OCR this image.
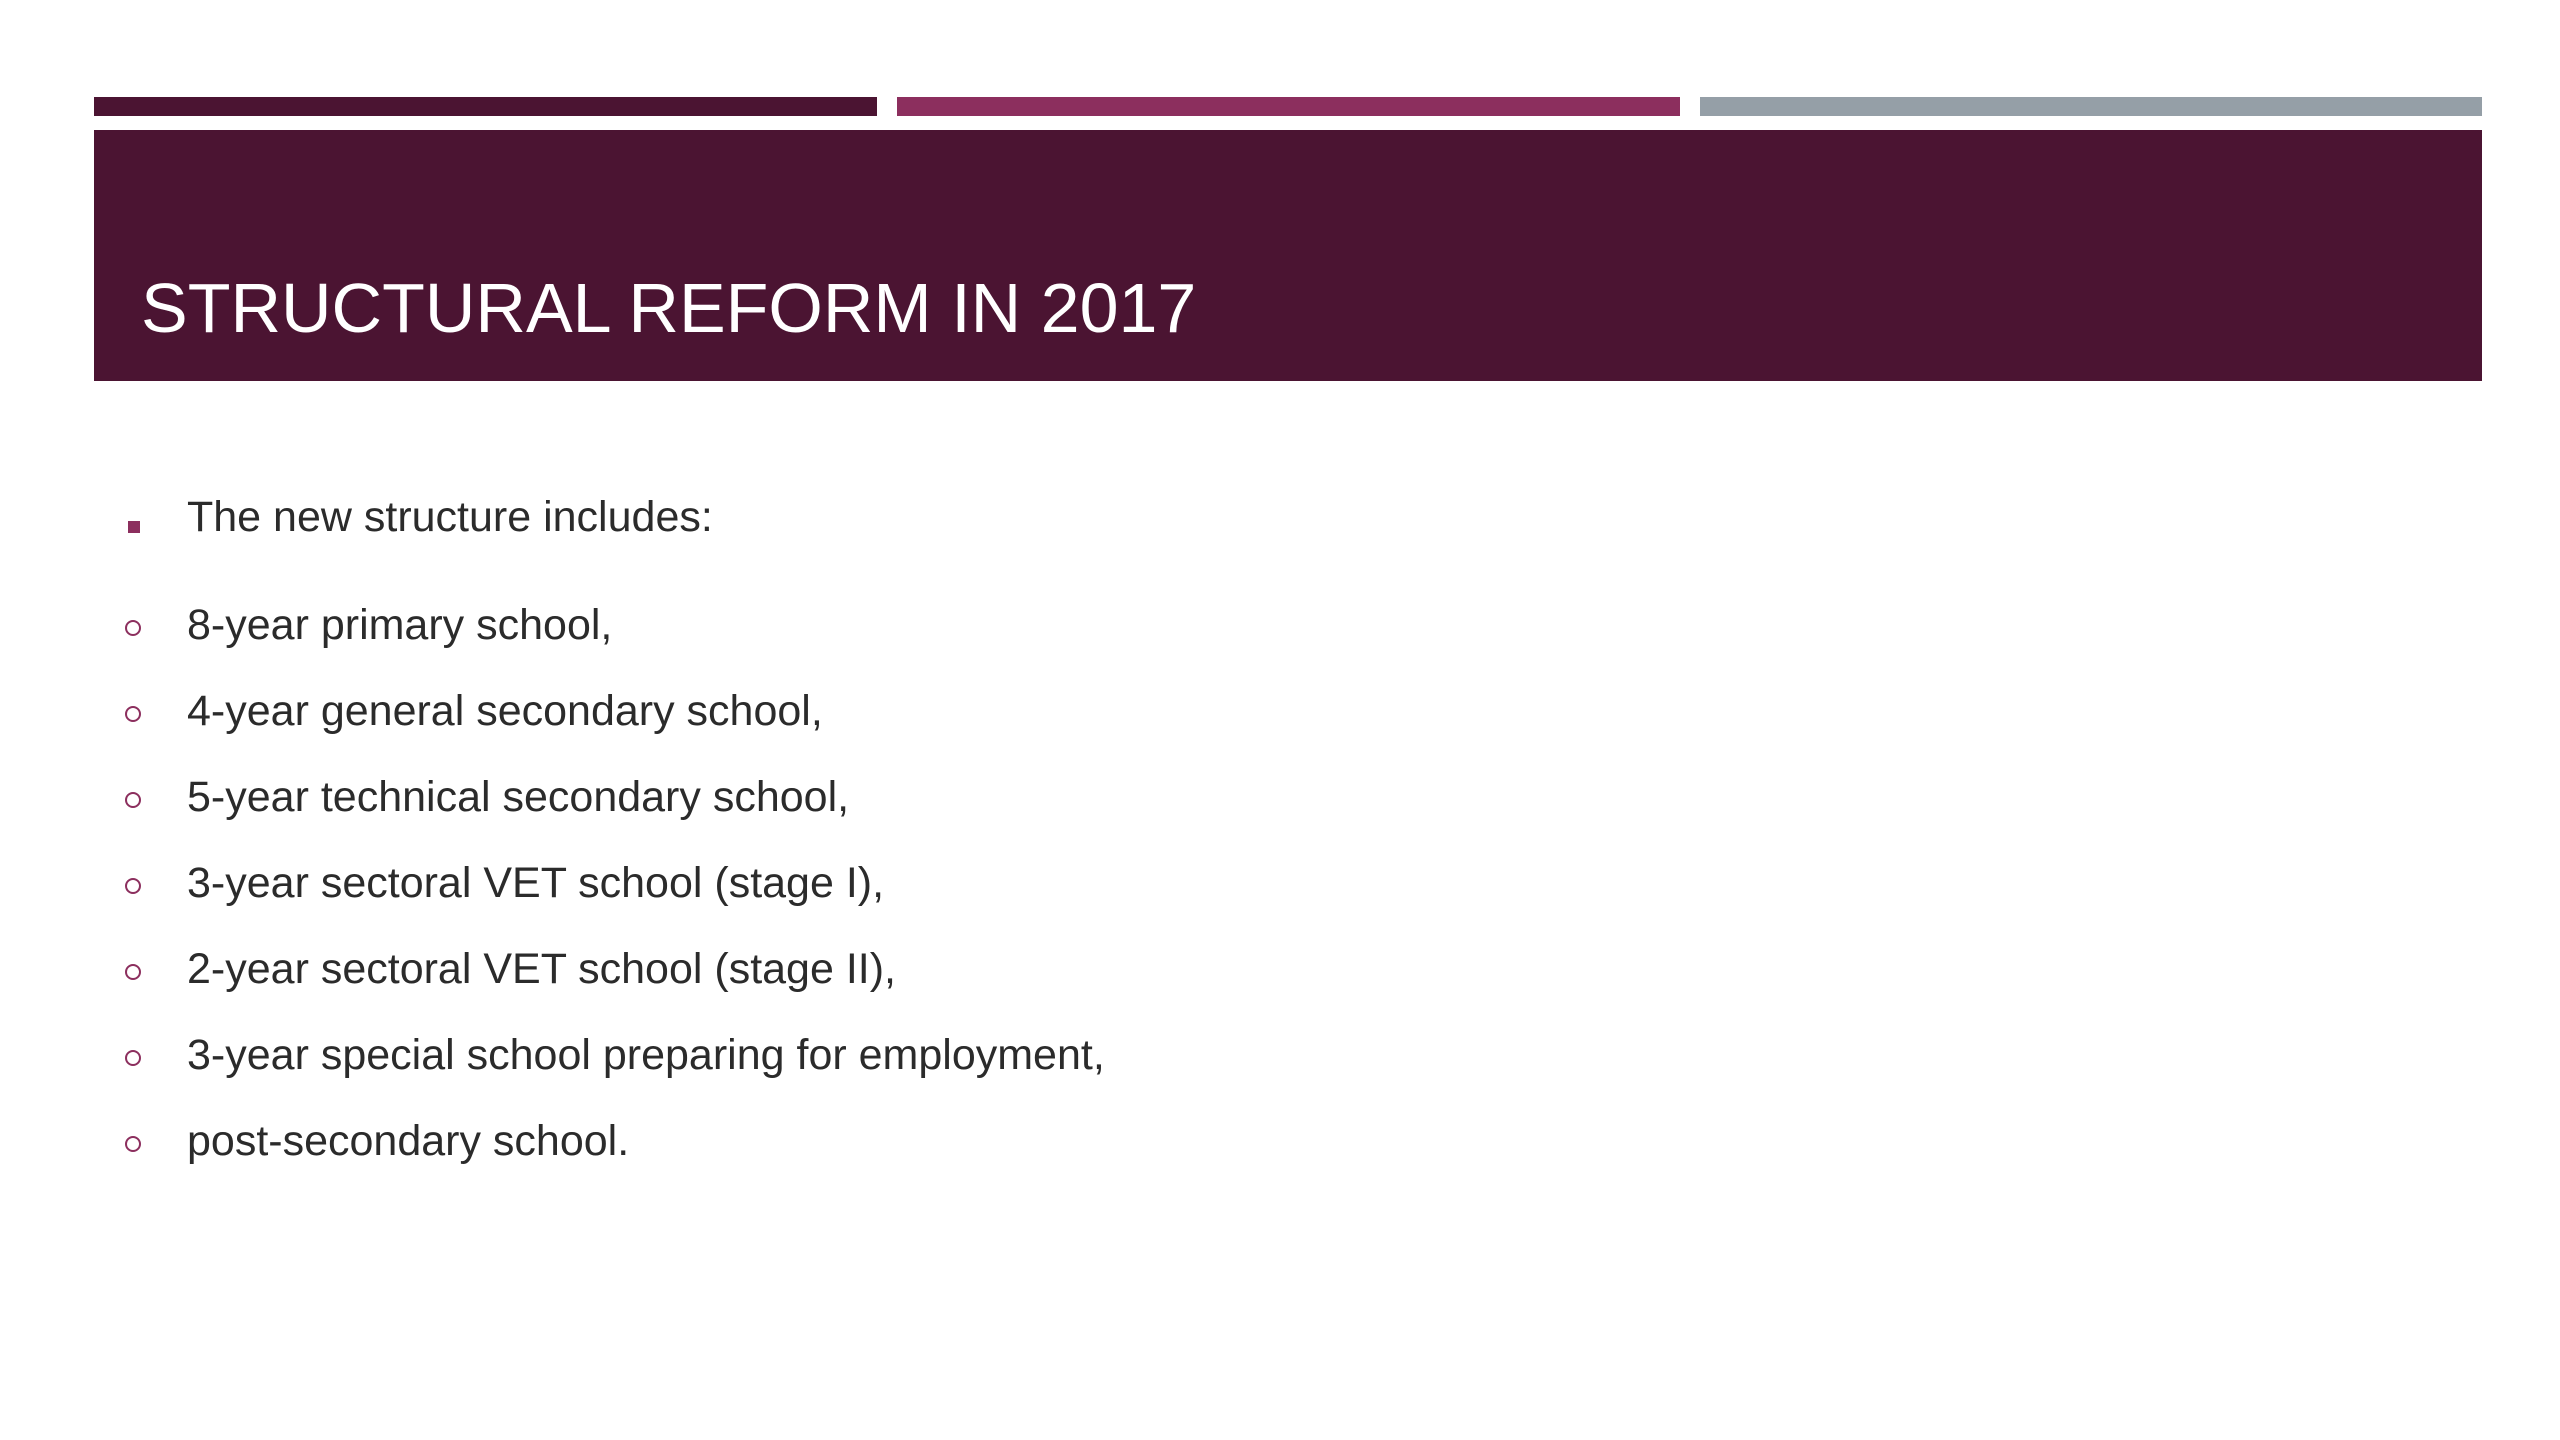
STRUCTURAL REFORM IN 2017
The new structure includes:
8-year primary school,
4-year general secondary school,
5-year technical secondary school,
3-year sectoral VET school (stage I),
2-year sectoral VET school (stage II),
3-year special school preparing for employment,
post-secondary school.
